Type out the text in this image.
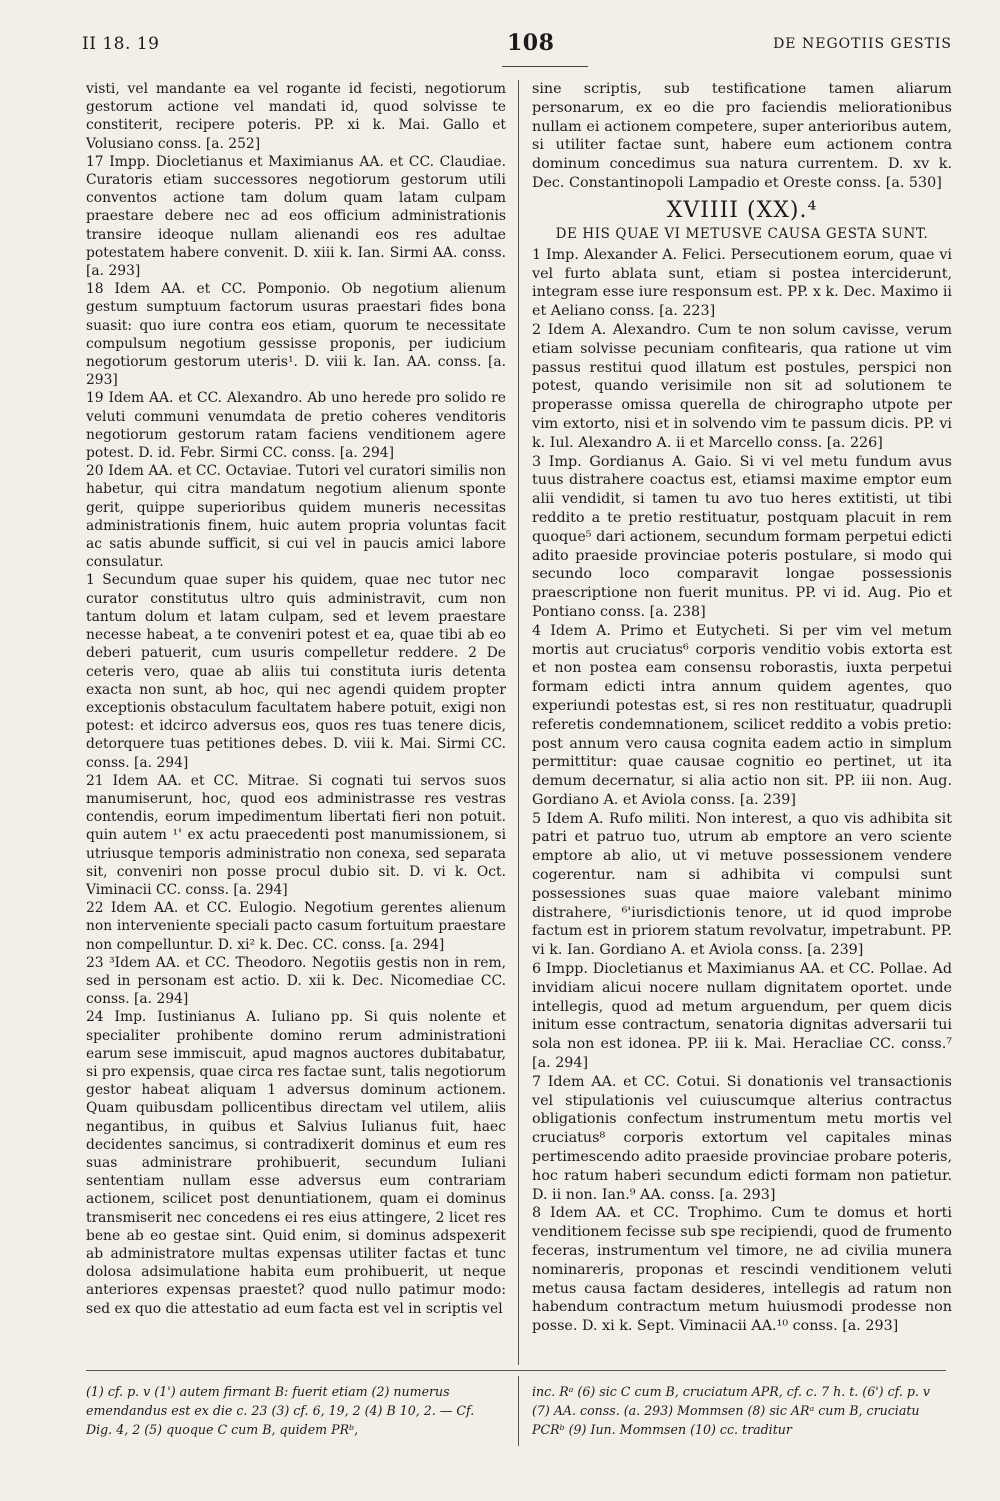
II 18. 19	108	DE NEGOTIIS GESTIS

visti, vel mandante ea vel rogante id fecisti, negotiorum gestorum actione vel mandati id, quod solvisse te constiterit, recipere poteris. PP. xi k. Mai. Gallo et Volusiano conss. [a. 252]

17 Impp. Diocletianus et Maximianus AA. et CC. Claudiae. Curatoris etiam successores negotiorum gestorum utili conventos actione tam dolum quam latam culpam praestare debere nec ad eos officium administrationis transire ideoque nullam alienandi eos res adultae potestatem habere convenit. D. xiii k. Ian. Sirmi AA. conss. [a. 293]

18 Idem AA. et CC. Pomponio. Ob negotium alienum gestum sumptuum factorum usuras praestari fides bona suasit: quo iure contra eos etiam, quorum te necessitate compulsum negotium gessisse proponis, per iudicium negotiorum gestorum uteris¹. D. viii k. Ian. AA. conss. [a. 293]

19 Idem AA. et CC. Alexandro. Ab uno herede pro solido re veluti communi venumdata de pretio coheres venditoris negotiorum gestorum ratam faciens venditionem agere potest. D. id. Febr. Sirmi CC. conss. [a. 294]

20 Idem AA. et CC. Octaviae. Tutori vel curatori similis non habetur, qui citra mandatum negotium alienum sponte gerit, quippe superioribus quidem muneris necessitas administrationis finem, huic autem propria voluntas facit ac satis abunde sufficit, si cui vel in paucis amici labore consulatur.

1 Secundum quae super his quidem, quae nec tutor nec curator constitutus ultro quis administravit, cum non tantum dolum et latam culpam, sed et levem praestare necesse habeat, a te conveniri potest et ea, quae tibi ab eo deberi patuerit, cum usuris compelletur reddere. 2 De ceteris vero, quae ab aliis tui constituta iuris detenta exacta non sunt, ab hoc, qui nec agendi quidem propter exceptionis obstaculum facultatem habere potuit, exigi non potest: et idcirco adversus eos, quos res tuas tenere dicis, detorquere tuas petitiones debes. D. viii k. Mai. Sirmi CC. conss. [a. 294]

21 Idem AA. et CC. Mitrae. Si cognati tui servos suos manumiserunt, hoc, quod eos administrasse res vestras contendis, eorum impedimentum libertati fieri non potuit. quin autem ¹' ex actu praecedenti post manumissionem, si utriusque temporis administratio non conexa, sed separata sit, conveniri non posse procul dubio sit. D. vi k. Oct. Viminacii CC. conss. [a. 294]

22 Idem AA. et CC. Eulogio. Negotium gerentes alienum non interveniente speciali pacto casum fortuitum praestare non compelluntur. D. xi² k. Dec. CC. conss. [a. 294]

23 ³Idem AA. et CC. Theodoro. Negotiis gestis non in rem, sed in personam est actio. D. xii k. Dec. Nicomediae CC. conss. [a. 294]

24 Imp. Iustinianus A. Iuliano pp. Si quis nolente et specialiter prohibente domino rerum administrationi earum sese immiscuit, apud magnos auctores dubitabatur, si pro expensis, quae circa res factae sunt, talis negotiorum gestor habeat aliquam 1 adversus dominum actionem. Quam quibusdam pollicentibus directam vel utilem, aliis negantibus, in quibus et Salvius Iulianus fuit, haec decidentes sancimus, si contradixerit dominus et eum res suas administrare prohibuerit, secundum Iuliani sententiam nullam esse adversus eum contrariam actionem, scilicet post denuntiationem, quam ei dominus transmiserit nec concedens ei res eius attingere, 2 licet res bene ab eo gestae sint. Quid enim, si dominus adspexerit ab administratore multas expensas utiliter factas et tunc dolosa adsimulatione habita eum prohibuerit, ut neque anteriores expensas praestet? quod nullo patimur modo: sed ex quo die attestatio ad eum facta est vel in scriptis vel

sine scriptis, sub testificatione tamen aliarum personarum, ex eo die pro faciendis meliorationibus nullam ei actionem competere, super anterioribus autem, si utiliter factae sunt, habere eum actionem contra dominum concedimus sua natura currentem. D. xv k. Dec. Constantinopoli Lampadio et Oreste conss. [a. 530]

XVIIII (XX).⁴
DE HIS QUAE VI METUSVE CAUSA GESTA SUNT.

1 Imp. Alexander A. Felici. Persecutionem eorum, quae vi vel furto ablata sunt, etiam si postea interciderunt, integram esse iure responsum est. PP. x k. Dec. Maximo ii et Aeliano conss. [a. 223]

2 Idem A. Alexandro. Cum te non solum cavisse, verum etiam solvisse pecuniam confitearis, qua ratione ut vim passus restitui quod illatum est postules, perspici non potest, quando verisimile non sit ad solutionem te properasse omissa querella de chirographo utpote per vim extorto, nisi et in solvendo vim te passum dicis. PP. vi k. Iul. Alexandro A. ii et Marcello conss. [a. 226]

3 Imp. Gordianus A. Gaio. Si vi vel metu fundum avus tuus distrahere coactus est, etiamsi maxime emptor eum alii vendidit, si tamen tu avo tuo heres extitisti, ut tibi reddito a te pretio restituatur, postquam placuit in rem quoque⁵ dari actionem, secundum formam perpetui edicti adito praeside provinciae poteris postulare, si modo qui secundo loco comparavit longae possessionis praescriptione non fuerit munitus. PP. vi id. Aug. Pio et Pontiano conss. [a. 238]

4 Idem A. Primo et Eutycheti. Si per vim vel metum mortis aut cruciatus⁶ corporis venditio vobis extorta est et non postea eam consensu roborastis, iuxta perpetui formam edicti intra annum quidem agentes, quo experiundi potestas est, si res non restituatur, quadrupli referetis condemnationem, scilicet reddito a vobis pretio: post annum vero causa cognita eadem actio in simplum permittitur: quae causae cognitio eo pertinet, ut ita demum decernatur, si alia actio non sit. PP. iii non. Aug. Gordiano A. et Aviola conss. [a. 239]

5 Idem A. Rufo militi. Non interest, a quo vis adhibita sit patri et patruo tuo, utrum ab emptore an vero sciente emptore ab alio, ut vi metuve possessionem vendere cogerentur. nam si adhibita vi compulsi sunt possessiones suas quae maiore valebant minimo distrahere, ⁶'iurisdictionis tenore, ut id quod improbe factum est in priorem statum revolvatur, impetrabunt. PP. vi k. Ian. Gordiano A. et Aviola conss. [a. 239]

6 Impp. Diocletianus et Maximianus AA. et CC. Pollae. Ad invidiam alicui nocere nullam dignitatem oportet. unde intellegis, quod ad metum arguendum, per quem dicis initum esse contractum, senatoria dignitas adversarii tui sola non est idonea. PP. iii k. Mai. Heracliae CC. conss.⁷ [a. 294]

7 Idem AA. et CC. Cotui. Si donationis vel transactionis vel stipulationis vel cuiuscumque alterius contractus obligationis confectum instrumentum metu mortis vel cruciatus⁸ corporis extortum vel capitales minas pertimescendo adito praeside provinciae probare poteris, hoc ratum haberi secundum edicti formam non patietur. D. ii non. Ian.⁹ AA. conss. [a. 293]

8 Idem AA. et CC. Trophimo. Cum te domus et horti venditionem fecisse sub spe recipiendi, quod de frumento feceras, instrumentum vel timore, ne ad civilia munera nominareris, proponas et rescindi venditionem veluti metus causa factam desideres, intellegis ad ratum non habendum contractum metum huiusmodi prodesse non posse. D. xi k. Sept. Viminacii AA.¹⁰ conss. [a. 293]

(1) cf. p. v (1') autem firmant B: fuerit etiam (2) numerus emendandus est ex die c. 23 (3) cf. 6, 19, 2 (4) B 10, 2. — Cf. Dig. 4, 2 (5) quoque C cum B, quidem PRᵇ,
inc. Rᵃ (6) sic C cum B, cruciatum APR, cf. c. 7 h. t. (6') cf. p. v (7) AA. conss. (a. 293) Mommsen (8) sic ARᵃ cum B, cruciatu PCRᵇ (9) Iun. Mommsen (10) cc. traditur
